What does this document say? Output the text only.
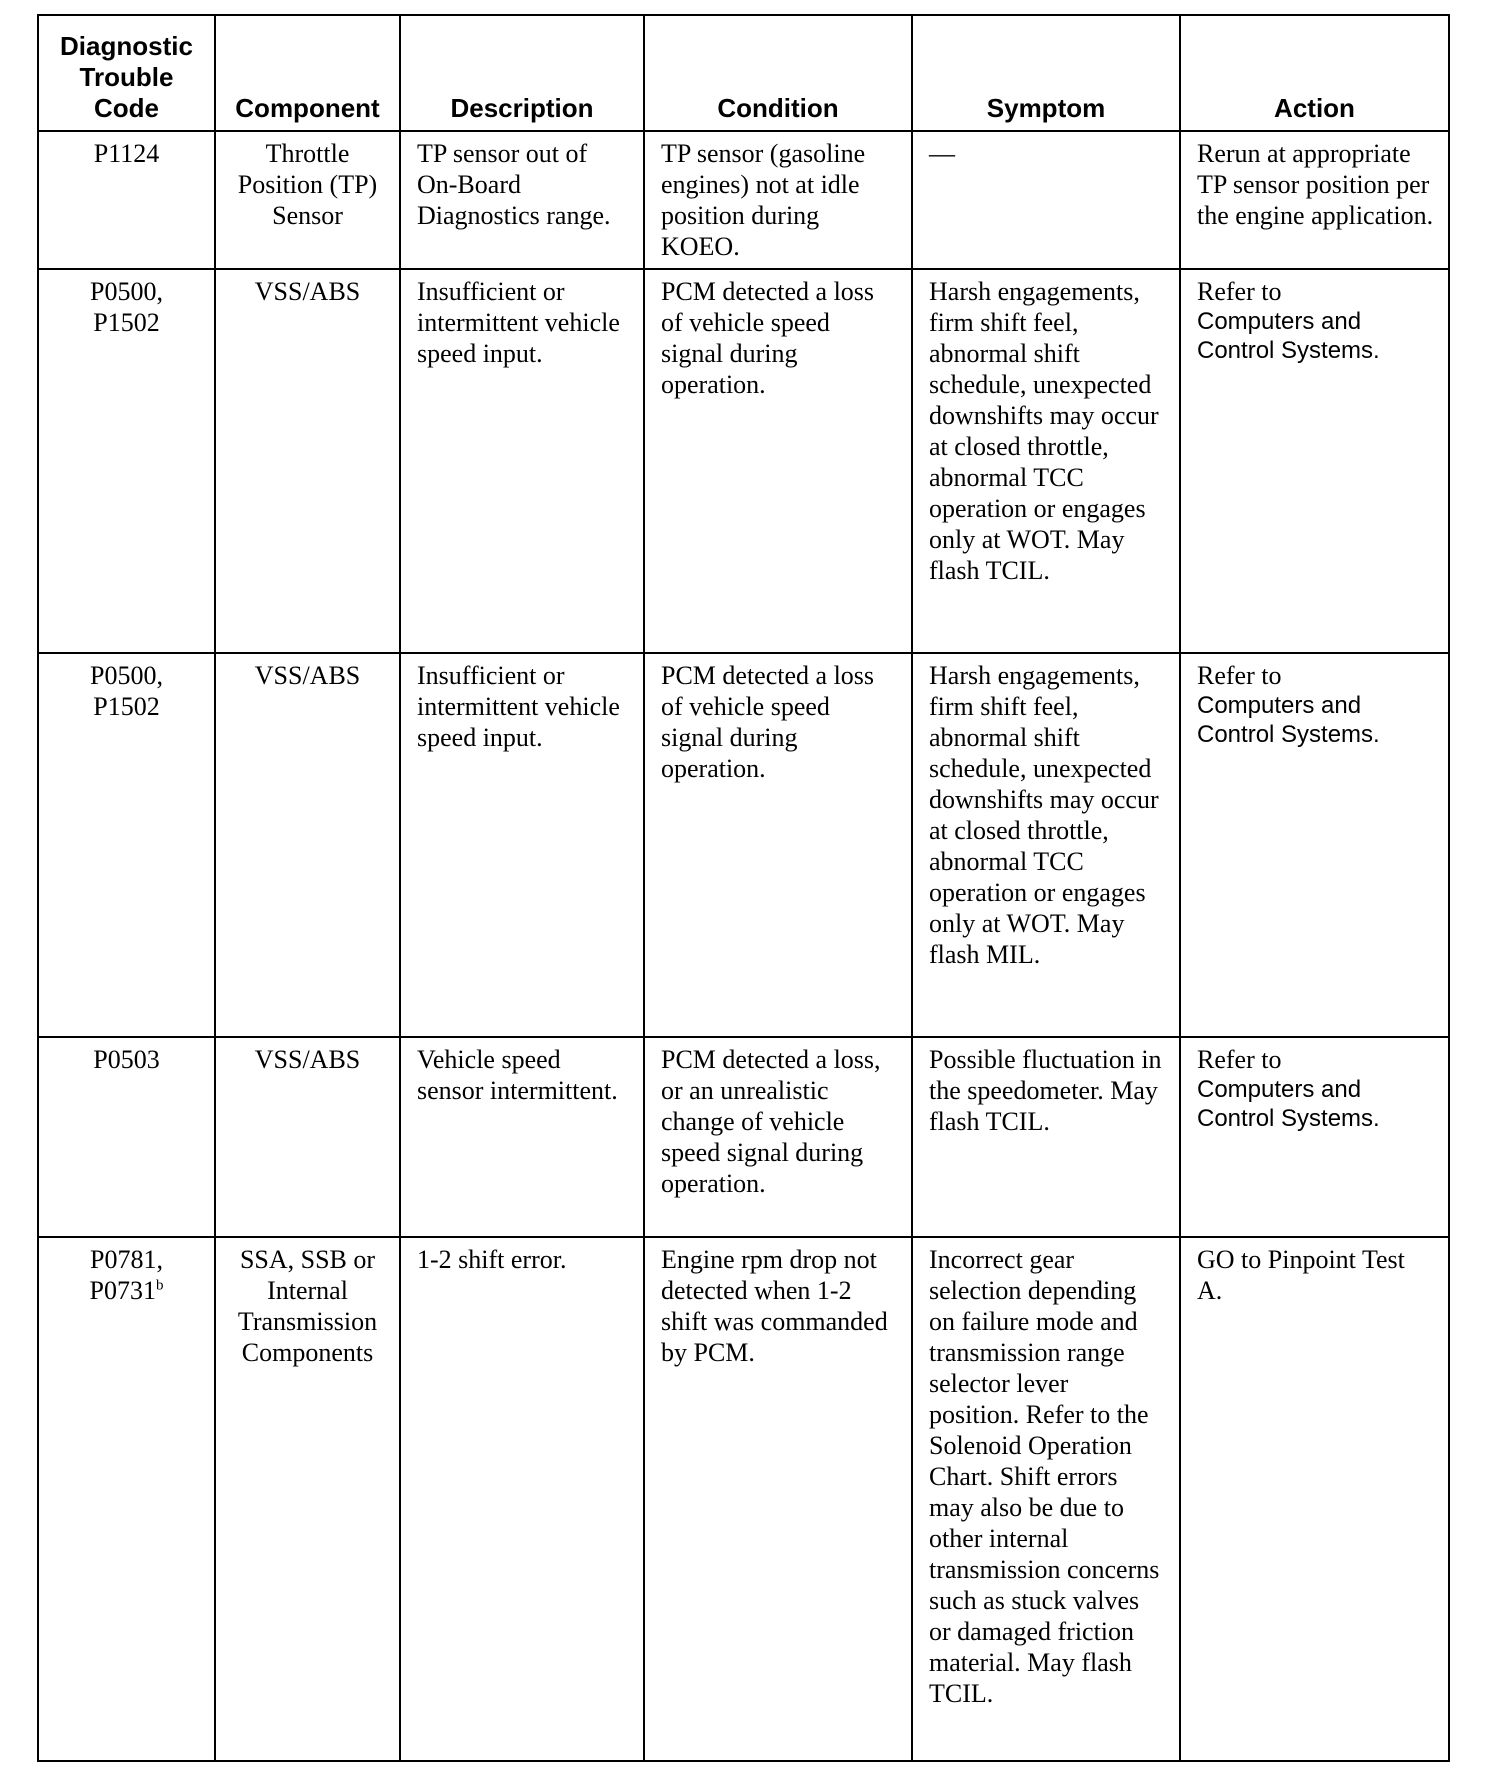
Diagnostic Trouble Code	Component	Description	Condition	Symptom	Action

P1124	Throttle Position (TP) Sensor	TP sensor out of On-Board Diagnostics range.	TP sensor (gasoline engines) not at idle position during KOEO.	—	Rerun at appropriate TP sensor position per the engine application.

P0500,
P1502	VSS/ABS	Insufficient or intermittent vehicle speed input.	PCM detected a loss of vehicle speed signal during operation.	Harsh engagements, firm shift feel, abnormal shift schedule, unexpected downshifts may occur at closed throttle, abnormal TCC operation or engages only at WOT. May flash TCIL.	Refer to
Computers and Control Systems.

P0500,
P1502	VSS/ABS	Insufficient or intermittent vehicle speed input.	PCM detected a loss of vehicle speed signal during operation.	Harsh engagements, firm shift feel, abnormal shift schedule, unexpected downshifts may occur at closed throttle, abnormal TCC operation or engages only at WOT. May flash MIL.	Refer to
Computers and Control Systems.

P0503	VSS/ABS	Vehicle speed sensor intermittent.	PCM detected a loss, or an unrealistic change of vehicle speed signal during operation.	Possible fluctuation in the speedometer. May flash TCIL.	Refer to
Computers and Control Systems.

P0781,
P0731$^b$	SSA, SSB or Internal Transmission Components	1-2 shift error.	Engine rpm drop not detected when 1-2 shift was commanded by PCM.	Incorrect gear selection depending on failure mode and transmission range selector lever position. Refer to the Solenoid Operation Chart. Shift errors may also be due to other internal transmission concerns such as stuck valves or damaged friction material. May flash TCIL.	GO to Pinpoint Test A.
